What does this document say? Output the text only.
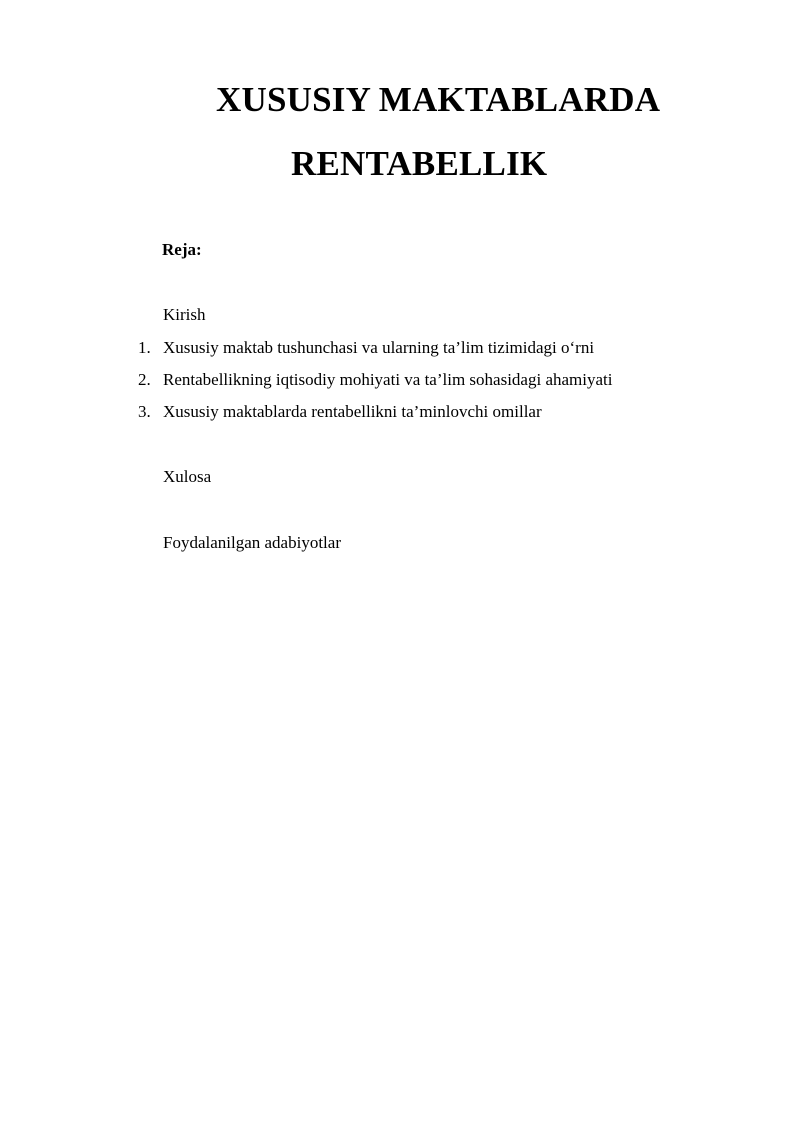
XUSUSIY MAKTABLARDA
RENTABELLIK

Reja:

Kirish

1. Xususiy maktab tushunchasi va ularning ta’lim tizimidagi o‘rni

2. Rentabellikning iqtisodiy mohiyati va ta’lim sohasidagi ahamiyati

3. Xususiy maktablarda rentabellikni ta’minlovchi omillar

Xulosa

Foydalanilgan adabiyotlar
